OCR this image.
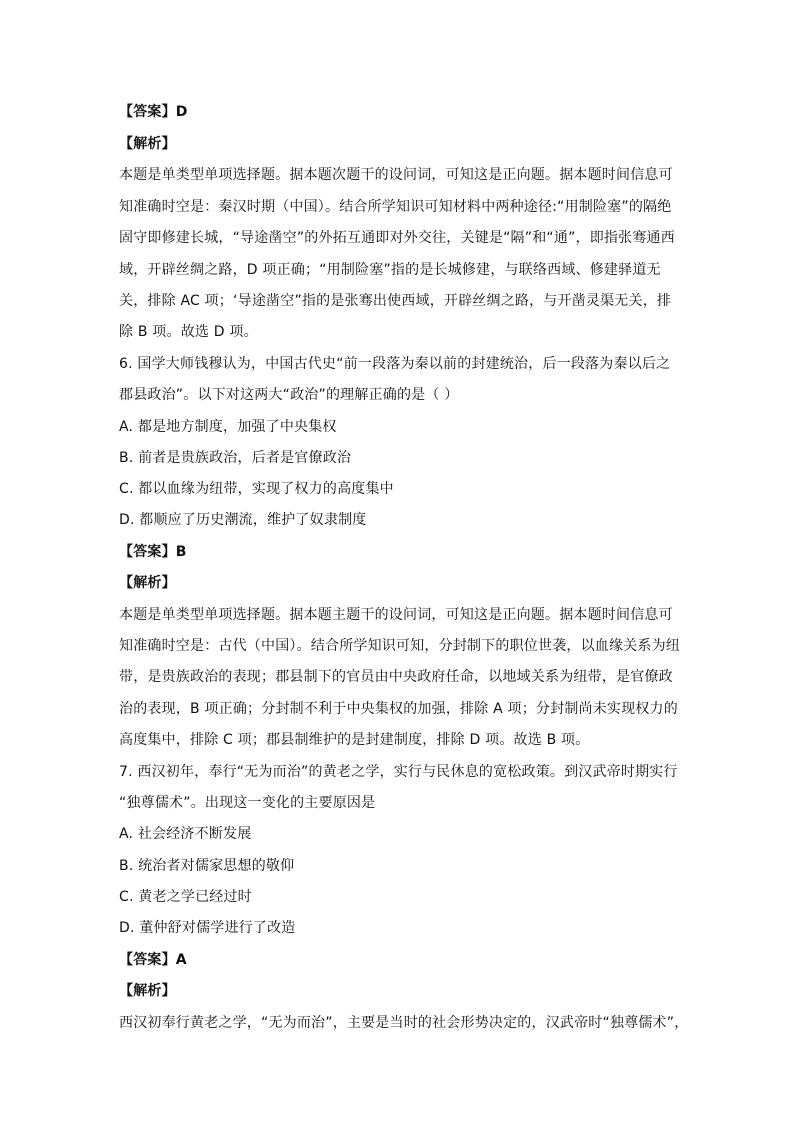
【答案】D
【解析】
本题是单类型单项选择题。据本题次题干的设问词，可知这是正向题。据本题时间信息可
知准确时空是：秦汉时期（中国）。结合所学知识可知材料中两种途径:“用制险塞”的隔绝
固守即修建长城，“导途凿空”的外拓互通即对外交往，关键是“隔”和“通”，即指张骞通西
域，开辟丝绸之路，D 项正确；“用制险塞”指的是长城修建，与联络西域、修建驿道无
关，排除 AC 项；‘导途凿空”指的是张骞出使西域，开辟丝绸之路，与开凿灵渠无关，排
除 B 项。故选 D 项。
6. 国学大师钱穆认为，中国古代史“前一段落为秦以前的封建统治，后一段落为秦以后之
郡县政治”。以下对这两大“政治”的理解正确的是（ ）
A. 都是地方制度，加强了中央集权
B. 前者是贵族政治，后者是官僚政治
C. 都以血缘为纽带，实现了权力的高度集中
D. 都顺应了历史潮流，维护了奴隶制度
【答案】B
【解析】
本题是单类型单项选择题。据本题主题干的设问词，可知这是正向题。据本题时间信息可
知准确时空是：古代（中国）。结合所学知识可知，分封制下的职位世袭，以血缘关系为纽
带，是贵族政治的表现；郡县制下的官员由中央政府任命，以地域关系为纽带，是官僚政
治的表现，B 项正确；分封制不利于中央集权的加强，排除 A 项；分封制尚未实现权力的
高度集中，排除 C 项；郡县制维护的是封建制度，排除 D 项。故选 B 项。
7. 西汉初年，奉行“无为而治”的黄老之学，实行与民休息的宽松政策。到汉武帝时期实行
“独尊儒术”。出现这一变化的主要原因是
A. 社会经济不断发展
B. 统治者对儒家思想的敬仰
C. 黄老之学已经过时
D. 董仲舒对儒学进行了改造
【答案】A
【解析】
西汉初奉行黄老之学，“无为而治”，主要是当时的社会形势决定的，汉武帝时“独尊儒术”，
